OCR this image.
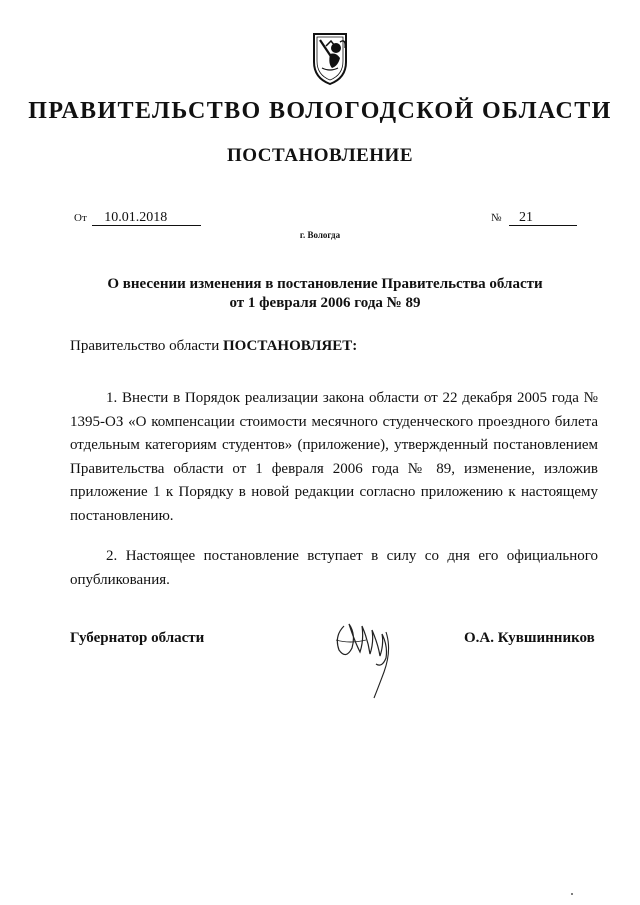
ПРАВИТЕЛЬСТВО ВОЛОГОДСКОЙ ОБЛАСТИ
ПОСТАНОВЛЕНИЕ
От 10.01.2018	№ 21
г. Вологда
О внесении изменения в постановление Правительства области
от 1 февраля 2006 года № 89
Правительство области ПОСТАНОВЛЯЕТ:
1. Внести в Порядок реализации закона области от 22 декабря 2005 года № 1395-ОЗ «О компенсации стоимости месячного студенческого проездного билета отдельным категориям студентов» (приложение), утвержденный постановлением Правительства области от 1 февраля 2006 года № 89, изменение, изложив приложение 1 к Порядку в новой редакции согласно приложению к настоящему постановлению.
2. Настоящее постановление вступает в силу со дня его официального опубликования.
Губернатор области	О.А. Кувшинников
